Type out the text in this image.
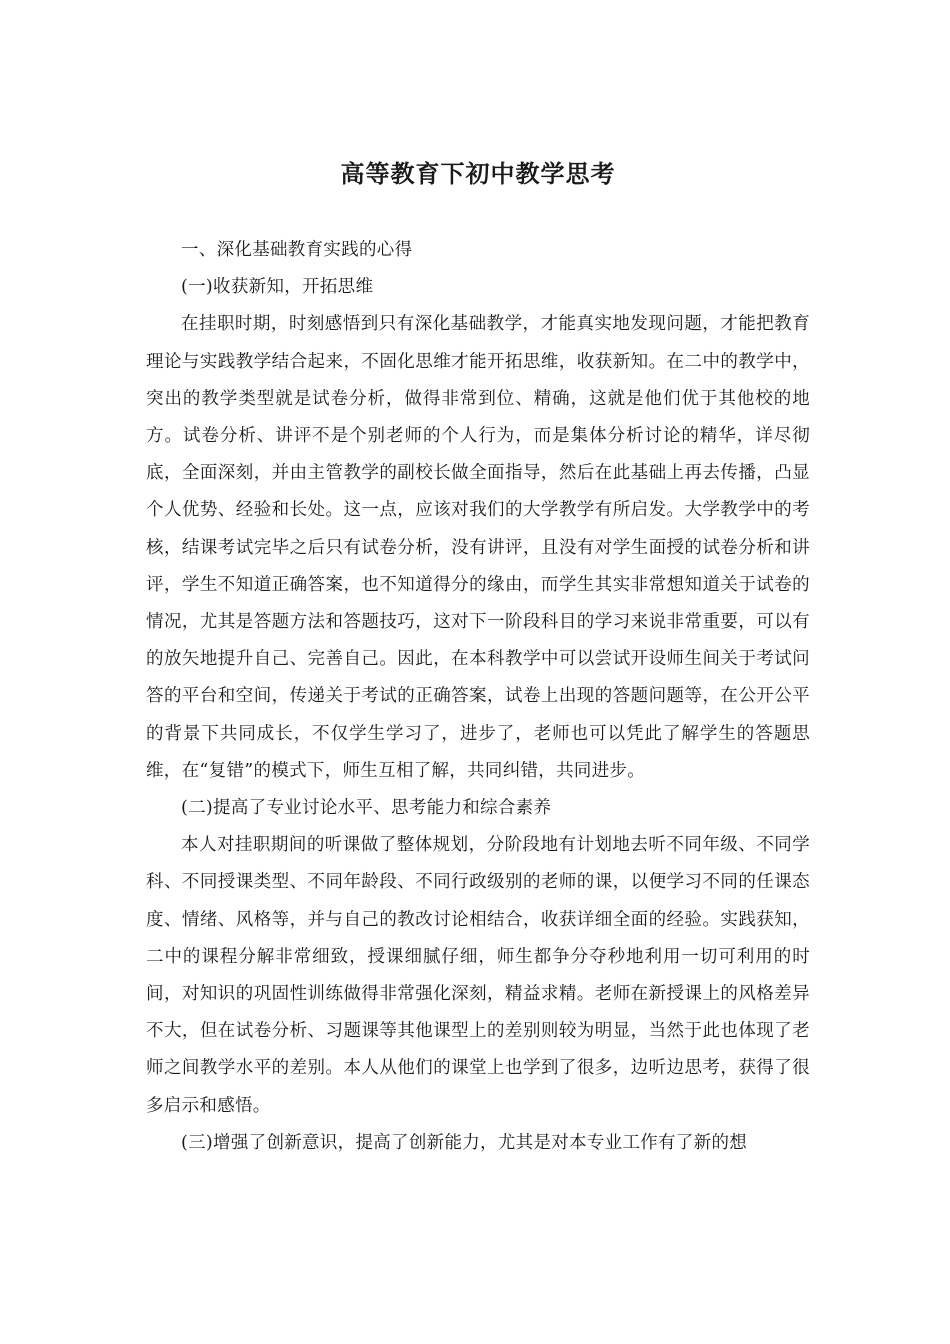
高等教育下初中教学思考

一、深化基础教育实践的心得

(一)收获新知，开拓思维

在挂职时期，时刻感悟到只有深化基础教学，才能真实地发现问题，才能把教育理论与实践教学结合起来，不固化思维才能开拓思维，收获新知。在二中的教学中，突出的教学类型就是试卷分析，做得非常到位、精确，这就是他们优于其他校的地方。试卷分析、讲评不是个别老师的个人行为，而是集体分析讨论的精华，详尽彻底，全面深刻，并由主管教学的副校长做全面指导，然后在此基础上再去传播，凸显个人优势、经验和长处。这一点，应该对我们的大学教学有所启发。大学教学中的考核，结课考试完毕之后只有试卷分析，没有讲评，且没有对学生面授的试卷分析和讲评，学生不知道正确答案，也不知道得分的缘由，而学生其实非常想知道关于试卷的情况，尤其是答题方法和答题技巧，这对下一阶段科目的学习来说非常重要，可以有的放矢地提升自己、完善自己。因此，在本科教学中可以尝试开设师生间关于考试问答的平台和空间，传递关于考试的正确答案，试卷上出现的答题问题等，在公开公平的背景下共同成长，不仅学生学习了，进步了，老师也可以凭此了解学生的答题思维，在“复错”的模式下，师生互相了解，共同纠错，共同进步。

(二)提高了专业讨论水平、思考能力和综合素养

本人对挂职期间的听课做了整体规划，分阶段地有计划地去听不同年级、不同学科、不同授课类型、不同年龄段、不同行政级别的老师的课，以便学习不同的任课态度、情绪、风格等，并与自己的教改讨论相结合，收获详细全面的经验。实践获知，二中的课程分解非常细致，授课细腻仔细，师生都争分夺秒地利用一切可利用的时间，对知识的巩固性训练做得非常强化深刻，精益求精。老师在新授课上的风格差异不大，但在试卷分析、习题课等其他课型上的差别则较为明显，当然于此也体现了老师之间教学水平的差别。本人从他们的课堂上也学到了很多，边听边思考，获得了很多启示和感悟。

(三)增强了创新意识，提高了创新能力，尤其是对本专业工作有了新的想
